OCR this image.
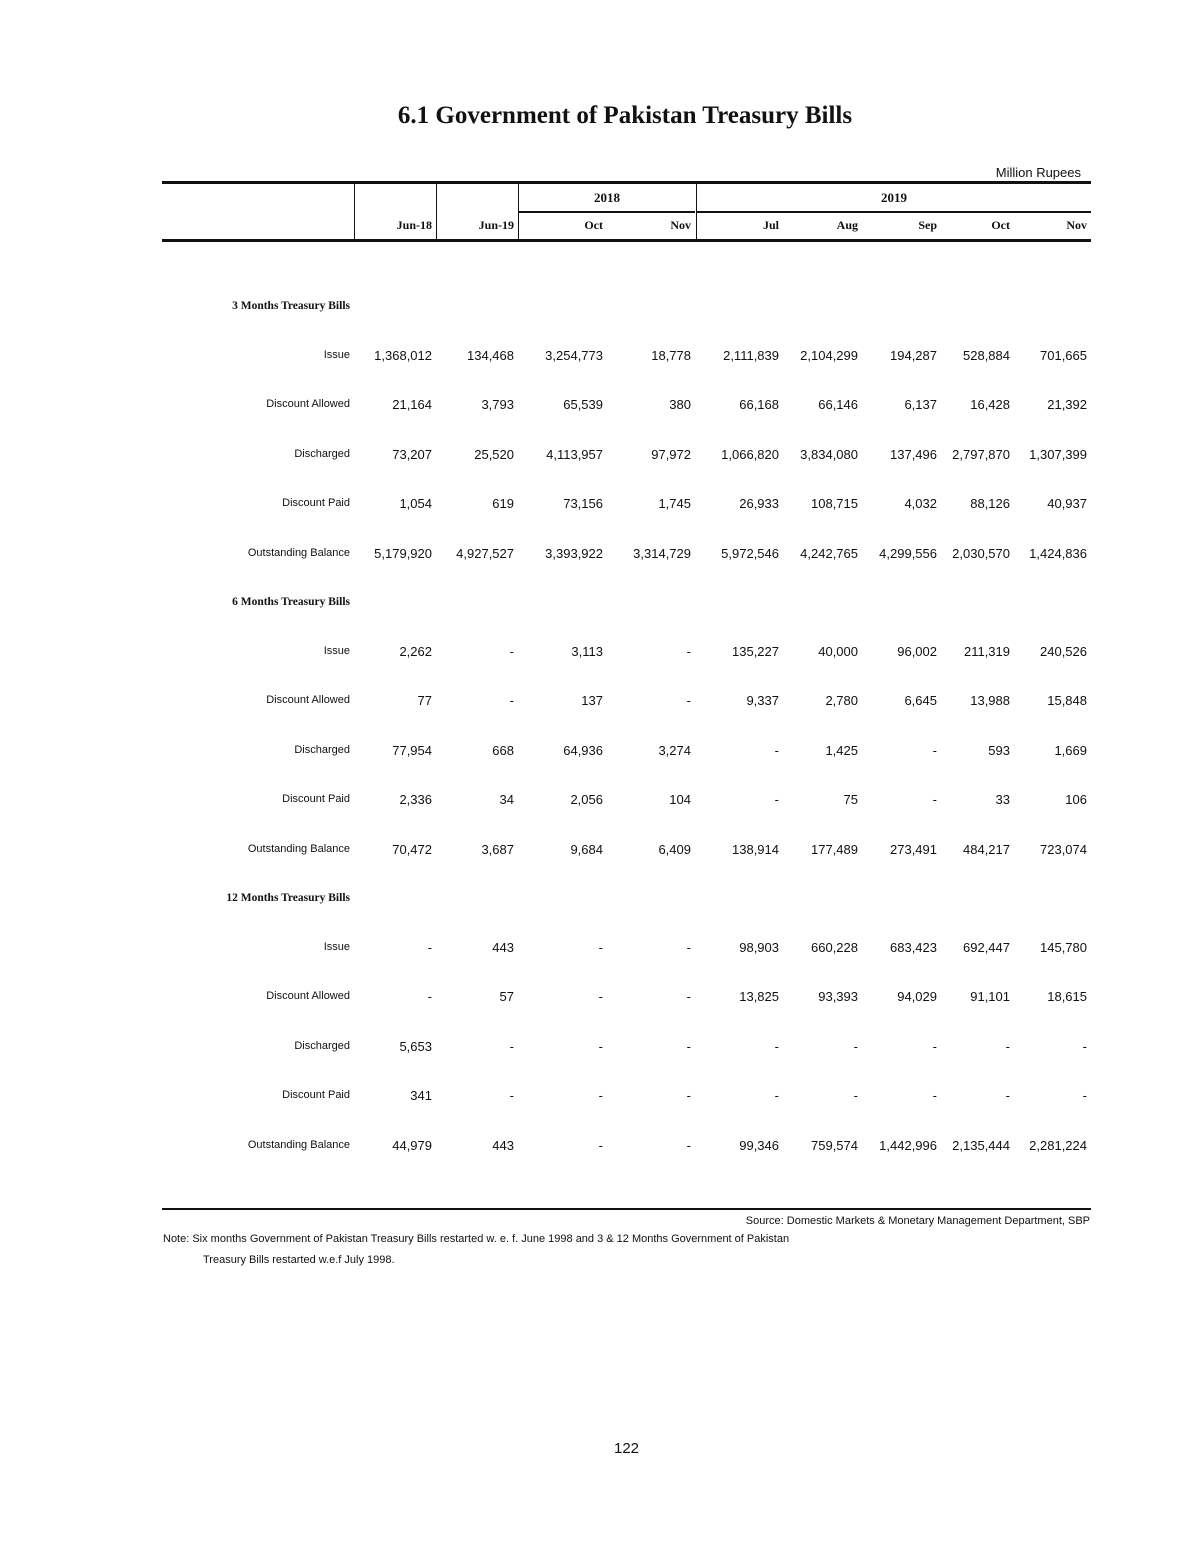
6.1 Government of Pakistan Treasury Bills
Million Rupees
2018	2019
Jun-18	Jun-19	Oct	Nov	Jul	Aug	Sep	Oct	Nov
3 Months Treasury Bills
Issue	1,368,012	134,468	3,254,773	18,778	2,111,839	2,104,299	194,287	528,884	701,665
Discount Allowed	21,164	3,793	65,539	380	66,168	66,146	6,137	16,428	21,392
Discharged	73,207	25,520	4,113,957	97,972	1,066,820	3,834,080	137,496	2,797,870	1,307,399
Discount Paid	1,054	619	73,156	1,745	26,933	108,715	4,032	88,126	40,937
Outstanding Balance	5,179,920	4,927,527	3,393,922	3,314,729	5,972,546	4,242,765	4,299,556	2,030,570	1,424,836
6 Months Treasury Bills
Issue	2,262	-	3,113	-	135,227	40,000	96,002	211,319	240,526
Discount Allowed	77	-	137	-	9,337	2,780	6,645	13,988	15,848
Discharged	77,954	668	64,936	3,274	-	1,425	-	593	1,669
Discount Paid	2,336	34	2,056	104	-	75	-	33	106
Outstanding Balance	70,472	3,687	9,684	6,409	138,914	177,489	273,491	484,217	723,074
12 Months Treasury Bills
Issue	-	443	-	-	98,903	660,228	683,423	692,447	145,780
Discount Allowed	-	57	-	-	13,825	93,393	94,029	91,101	18,615
Discharged	5,653	-	-	-	-	-	-	-	-
Discount Paid	341	-	-	-	-	-	-	-	-
Outstanding Balance	44,979	443	-	-	99,346	759,574	1,442,996	2,135,444	2,281,224
Source: Domestic Markets & Monetary Management Department, SBP
Note: Six months Government of Pakistan Treasury Bills restarted w. e. f. June 1998 and 3 & 12 Months Government of Pakistan
Treasury Bills restarted w.e.f July 1998.
122
